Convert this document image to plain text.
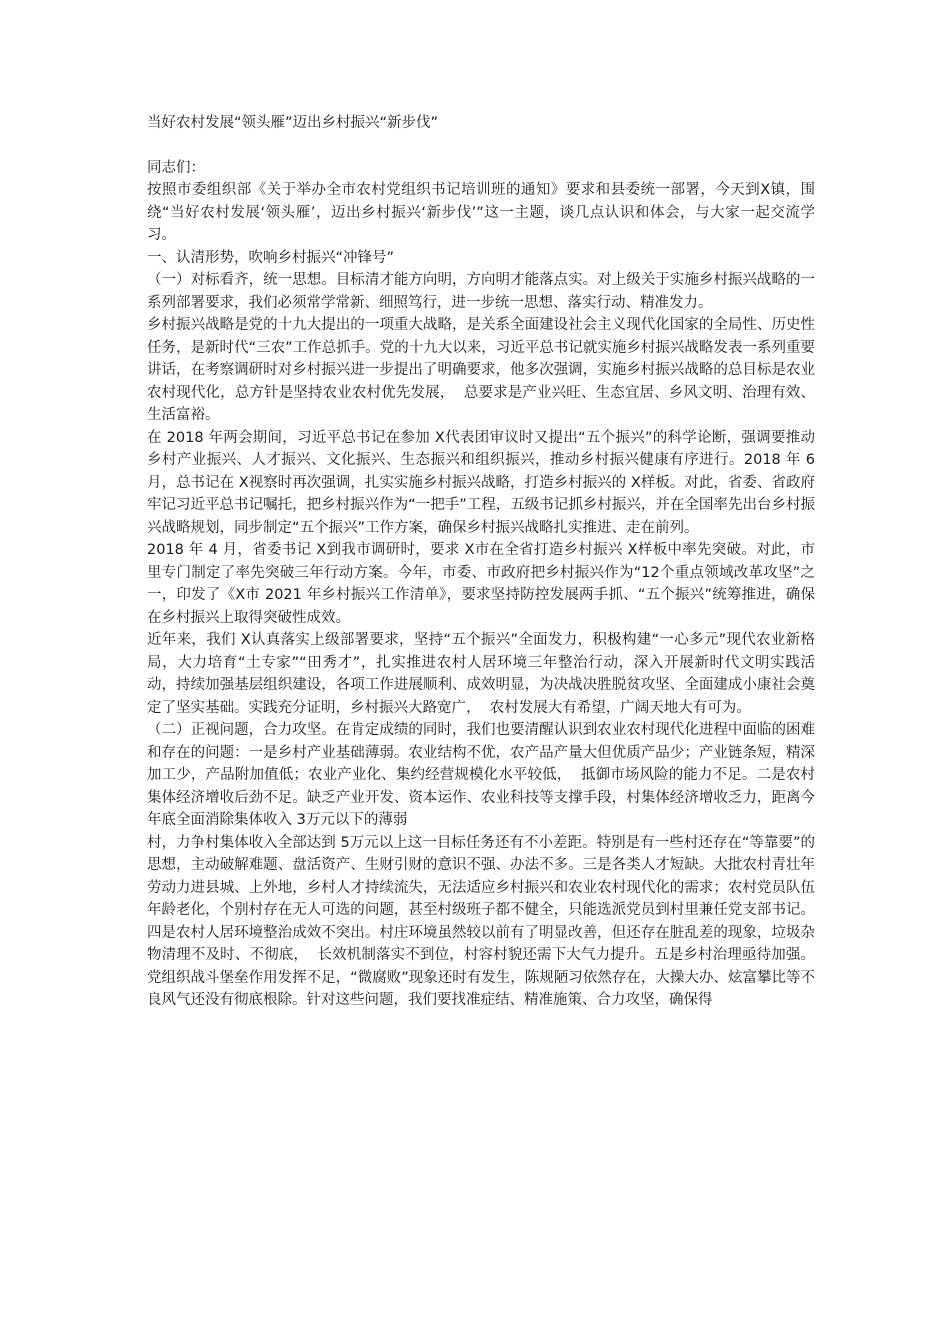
当好农村发展“领头雁”迈出乡村振兴“新步伐”

同志们：

按照市委组织部《关于举办全市农村党组织书记培训班的通知》要求和县委统一部署，今天到X镇，围绕“当好农村发展‘领头雁’，迈出乡村振兴‘新步伐’”这一主题，谈几点认识和体会，与大家一起交流学习。

一、认清形势，吹响乡村振兴“冲锋号”

（一）对标看齐，统一思想。目标清才能方向明，方向明才能落点实。对上级关于实施乡村振兴战略的一系列部署要求，我们必须常学常新、细照笃行，进一步统一思想、落实行动、精准发力。

乡村振兴战略是党的十九大提出的一项重大战略，是关系全面建设社会主义现代化国家的全局性、历史性任务，是新时代“三农”工作总抓手。党的十九大以来，习近平总书记就实施乡村振兴战略发表一系列重要讲话，在考察调研时对乡村振兴进一步提出了明确要求，他多次强调，实施乡村振兴战略的总目标是农业农村现代化，总方针是坚持农业农村优先发展，  总要求是产业兴旺、生态宜居、乡风文明、治理有效、生活富裕。

在 2018 年两会期间，习近平总书记在参加 X代表团审议时又提出“五个振兴”的科学论断，强调要推动乡村产业振兴、人才振兴、文化振兴、生态振兴和组织振兴，推动乡村振兴健康有序进行。2018 年 6 月，总书记在 X视察时再次强调，扎实实施乡村振兴战略，打造乡村振兴的 X样板。对此，省委、省政府牢记习近平总书记嘱托，把乡村振兴作为“一把手”工程，五级书记抓乡村振兴，并在全国率先出台乡村振兴战略规划，同步制定“五个振兴”工作方案，确保乡村振兴战略扎实推进、走在前列。

2018 年 4 月，省委书记 X到我市调研时，要求 X市在全省打造乡村振兴 X样板中率先突破。对此，市里专门制定了率先突破三年行动方案。今年，市委、市政府把乡村振兴作为“12个重点领域改革攻坚”之一，印发了《X市 2021 年乡村振兴工作清单》，要求坚持防控发展两手抓、“五个振兴”统筹推进，确保在乡村振兴上取得突破性成效。

近年来，我们 X认真落实上级部署要求，坚持“五个振兴”全面发力，积极构建“一心多元”现代农业新格局，大力培育“土专家”“田秀才”，扎实推进农村人居环境三年整治行动，深入开展新时代文明实践活动，持续加强基层组织建设，各项工作进展顺利、成效明显，为决战决胜脱贫攻坚、全面建成小康社会奠定了坚实基础。实践充分证明，乡村振兴大路宽广，  农村发展大有希望，广阔天地大有可为。

（二）正视问题，合力攻坚。在肯定成绩的同时，我们也要清醒认识到农业农村现代化进程中面临的困难和存在的问题：一是乡村产业基础薄弱。农业结构不优，农产品产量大但优质产品少；产业链条短，精深加工少，产品附加值低；农业产业化、集约经营规模化水平较低，  抵御市场风险的能力不足。二是农村集体经济增收后劲不足。缺乏产业开发、资本运作、农业科技等支撑手段，村集体经济增收乏力，距离今年底全面消除集体收入 3万元以下的薄弱

村，力争村集体收入全部达到 5万元以上这一目标任务还有不小差距。特别是有一些村还存在“等靠要”的思想，主动破解难题、盘活资产、生财引财的意识不强、办法不多。三是各类人才短缺。大批农村青壮年劳动力进县城、上外地，乡村人才持续流失，无法适应乡村振兴和农业农村现代化的需求；农村党员队伍年龄老化，个别村存在无人可选的问题，甚至村级班子都不健全，只能选派党员到村里兼任党支部书记。四是农村人居环境整治成效不突出。村庄环境虽然较以前有了明显改善，但还存在脏乱差的现象，垃圾杂物清理不及时、不彻底，  长效机制落实不到位，村容村貌还需下大气力提升。五是乡村治理亟待加强。党组织战斗堡垒作用发挥不足，“微腐败”现象还时有发生，陈规陋习依然存在，大操大办、炫富攀比等不良风气还没有彻底根除。针对这些问题，我们要找准症结、精准施策、合力攻坚，确保得
